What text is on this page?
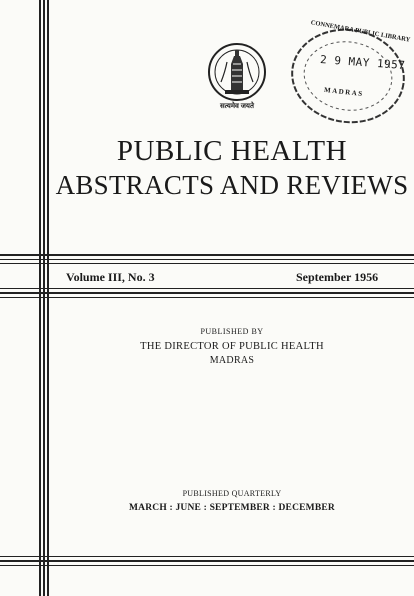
सत्यमेव जयते
CONNEMARA PUBLIC LIBRARY
2 9 MAY 1957
MADRAS
PUBLIC HEALTH
ABSTRACTS AND REVIEWS
Volume III, No. 3	September 1956
PUBLISHED BY
THE DIRECTOR OF PUBLIC HEALTH
MADRAS
PUBLISHED QUARTERLY
MARCH : JUNE : SEPTEMBER : DECEMBER
